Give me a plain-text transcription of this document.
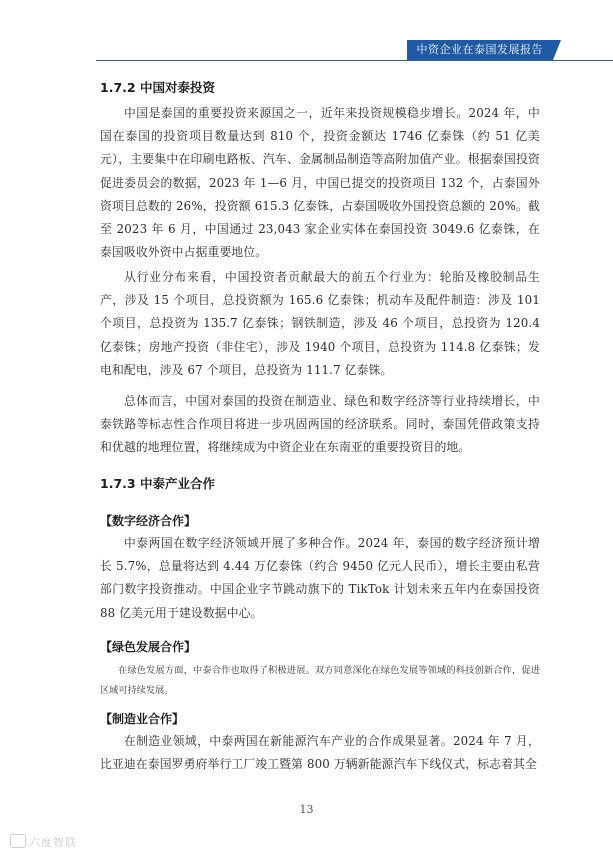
中资企业在泰国发展报告
1.7.2 中国对泰投资

中国是泰国的重要投资来源国之一，近年来投资规模稳步增长。2024 年，中国在泰国的投资项目数量达到 810 个，投资金额达 1746 亿泰铢（约 51 亿美元），主要集中在印刷电路板、汽车、金属制品制造等高附加值产业。根据泰国投资促进委员会的数据，2023 年 1—6 月，中国已提交的投资项目 132 个，占泰国外资项目总数的 26%，投资额 615.3 亿泰铢，占泰国吸收外国投资总额的 20%。截至 2023 年 6 月，中国通过 23,043 家企业实体在泰国投资 3049.6 亿泰铢，在泰国吸收外资中占据重要地位。

从行业分布来看，中国投资者贡献最大的前五个行业为：轮胎及橡胶制品生产，涉及 15 个项目，总投资额为 165.6 亿泰铢；机动车及配件制造：涉及 101 个项目，总投资为 135.7 亿泰铢；钢铁制造，涉及 46 个项目，总投资为 120.4 亿泰铢；房地产投资（非住宅），涉及 1940 个项目，总投资为 114.8 亿泰铢；发电和配电，涉及 67 个项目，总投资为 111.7 亿泰铢。

总体而言，中国对泰国的投资在制造业、绿色和数字经济等行业持续增长，中泰铁路等标志性合作项目将进一步巩固两国的经济联系。同时，泰国凭借政策支持和优越的地理位置，将继续成为中资企业在东南亚的重要投资目的地。

1.7.3 中泰产业合作
【数字经济合作】

中泰两国在数字经济领域开展了多种合作。2024 年，泰国的数字经济预计增长 5.7%，总量将达到 4.44 万亿泰铢（约合 9450 亿元人民币），增长主要由私营部门数字投资推动。中国企业字节跳动旗下的 TikTok 计划未来五年内在泰国投资 88 亿美元用于建设数据中心。

【绿色发展合作】

在绿色发展方面，中泰合作也取得了积极进展。双方同意深化在绿色发展等领域的科技创新合作，促进区域可持续发展。

【制造业合作】

在制造业领域，中泰两国在新能源汽车产业的合作成果显著。2024 年 7 月，比亚迪在泰国罗勇府举行工厂竣工暨第 800 万辆新能源汽车下线仪式，标志着其全

13
六度智联
